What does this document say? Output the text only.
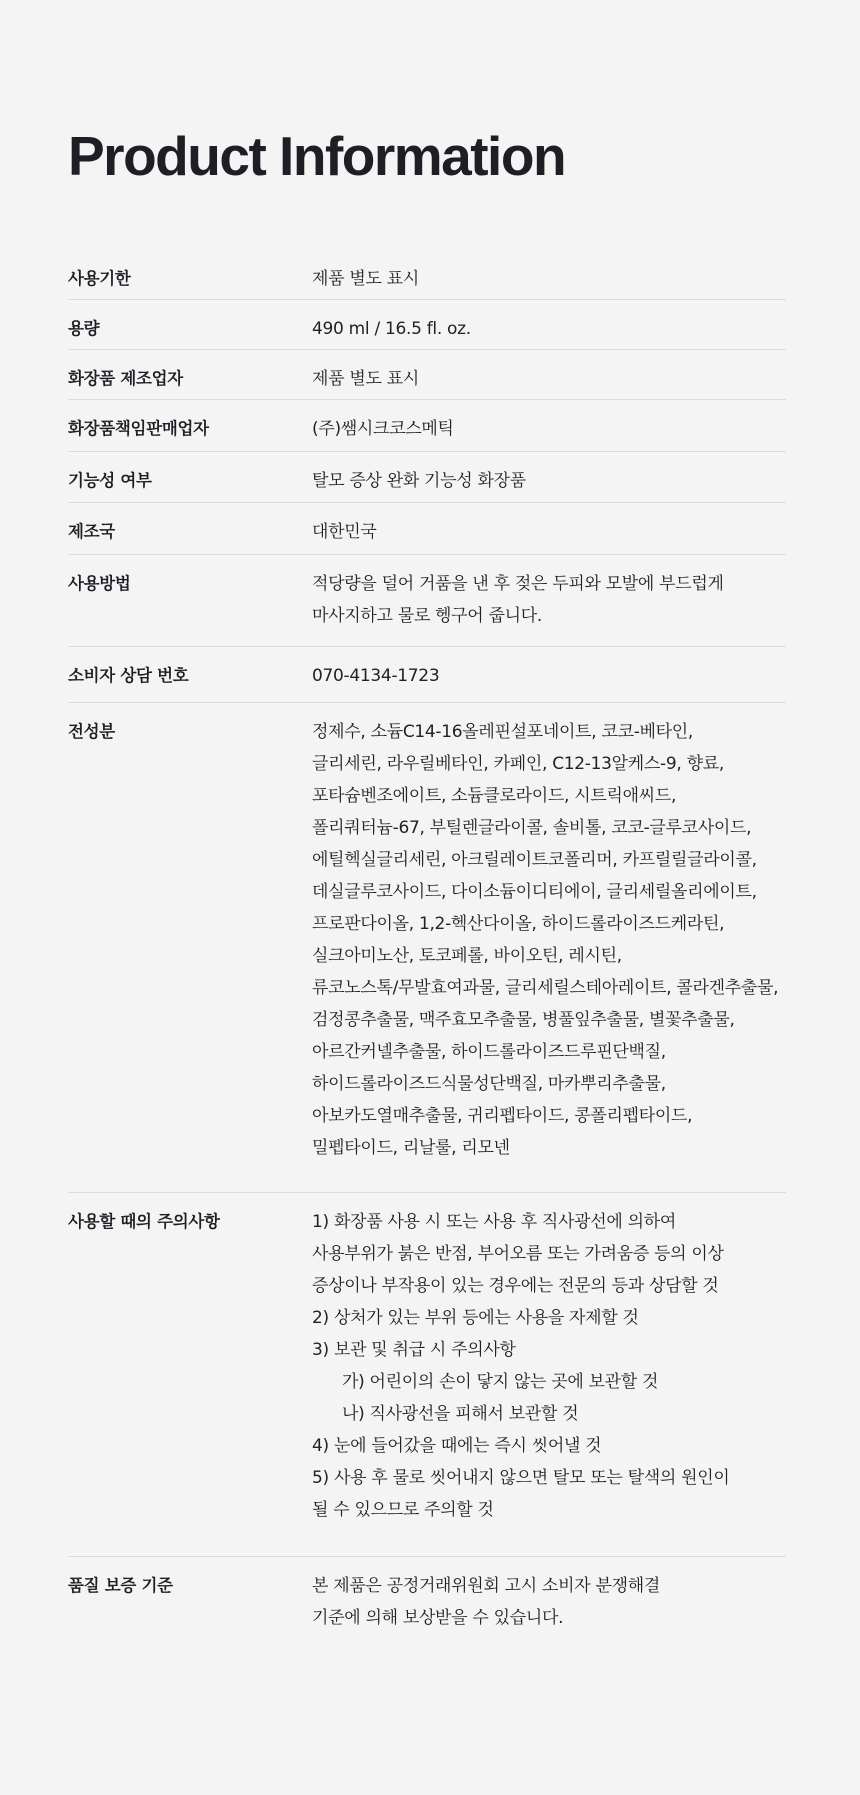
Product Information
사용기한	제품 별도 표시
용량	490 ml / 16.5 fl. oz.
화장품 제조업자	제품 별도 표시
화장품책임판매업자	(주)쌤시크코스메틱
기능성 여부	탈모 증상 완화 기능성 화장품
제조국	대한민국
사용방법	적당량을 덜어 거품을 낸 후 젖은 두피와 모발에 부드럽게
마사지하고 물로 헹구어 줍니다.
소비자 상담 번호	070-4134-1723
전성분	정제수, 소듐C14-16올레핀설포네이트, 코코-베타인,
글리세린, 라우릴베타인, 카페인, C12-13알케스-9, 향료,
포타슘벤조에이트, 소듐클로라이드, 시트릭애씨드,
폴리쿼터늄-67, 부틸렌글라이콜, 솔비톨, 코코-글루코사이드,
에틸헥실글리세린, 아크릴레이트코폴리머, 카프릴릴글라이콜,
데실글루코사이드, 다이소듐이디티에이, 글리세릴올리에이트,
프로판다이올, 1,2-헥산다이올, 하이드롤라이즈드케라틴,
실크아미노산, 토코페롤, 바이오틴, 레시틴,
류코노스톡/무발효여과물, 글리세릴스테아레이트, 콜라겐추출물,
검정콩추출물, 맥주효모추출물, 병풀잎추출물, 별꽃추출물,
아르간커넬추출물, 하이드롤라이즈드루핀단백질,
하이드롤라이즈드식물성단백질, 마카뿌리추출물,
아보카도열매추출물, 귀리펩타이드, 콩폴리펩타이드,
밀펩타이드, 리날룰, 리모넨
사용할 때의 주의사항	1) 화장품 사용 시 또는 사용 후 직사광선에 의하여
사용부위가 붉은 반점, 부어오름 또는 가려움증 등의 이상
증상이나 부작용이 있는 경우에는 전문의 등과 상담할 것
2) 상처가 있는 부위 등에는 사용을 자제할 것
3) 보관 및 취급 시 주의사항
가) 어린이의 손이 닿지 않는 곳에 보관할 것
나) 직사광선을 피해서 보관할 것
4) 눈에 들어갔을 때에는 즉시 씻어낼 것
5) 사용 후 물로 씻어내지 않으면 탈모 또는 탈색의 원인이
될 수 있으므로 주의할 것
품질 보증 기준	본 제품은 공정거래위원회 고시 소비자 분쟁해결
기준에 의해 보상받을 수 있습니다.
